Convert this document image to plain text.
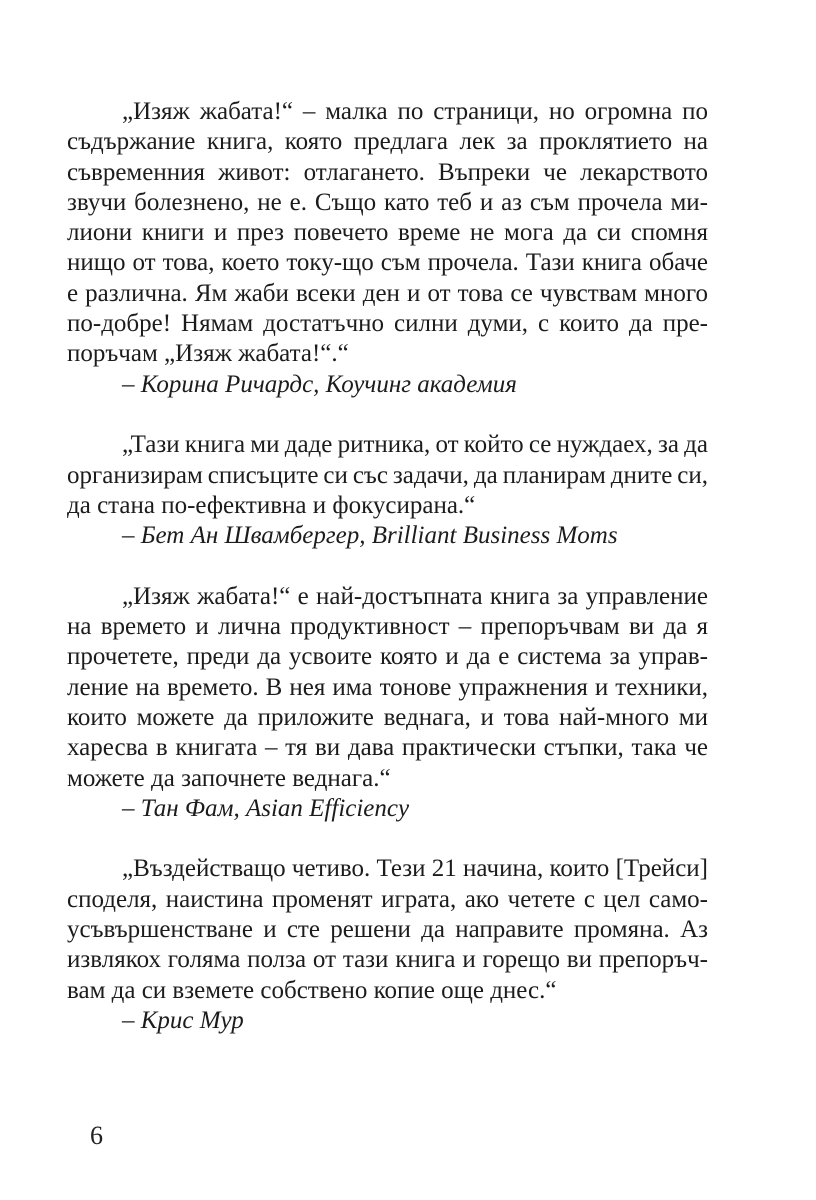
„Изяж жабата!“ – малка по страници, но огромна по
съдържание книга, която предлага лек за проклятието на
съвременния живот: отлагането. Въпреки че лекарството
звучи болезнено, не е. Също като теб и аз съм прочела ми-
лиони книги и през повечето време не мога да си спомня
нищо от това, което току-що съм прочела. Тази книга обаче
е различна. Ям жаби всеки ден и от това се чувствам много
по-добре! Нямам достатъчно силни думи, с които да пре-
поръчам „Изяж жабата!“.“
– Корина Ричардс, Коучинг академия
„Тази книга ми даде ритника, от който се нуждаех, за да
организирам списъците си със задачи, да планирам дните си,
да стана по-ефективна и фокусирана.“
– Бет Ан Швамбергер, Brilliant Business Moms
„Изяж жабата!“ е най-достъпната книга за управление
на времето и лична продуктивност – препоръчвам ви да я
прочетете, преди да усвоите която и да е система за управ-
ление на времето. В нея има тонове упражнения и техники,
които можете да приложите веднага, и това най-много ми
харесва в книгата – тя ви дава практически стъпки, така че
можете да започнете веднага.“
– Тан Фам, Asian Efficiency
„Въздействащо четиво. Тези 21 начина, които [Трейси]
споделя, наистина променят играта, ако четете с цел само-
усъвършенстване и сте решени да направите промяна. Аз
извлякох голяма полза от тази книга и горещо ви препоръч-
вам да си вземете собствено копие още днес.“
– Крис Мур
6
